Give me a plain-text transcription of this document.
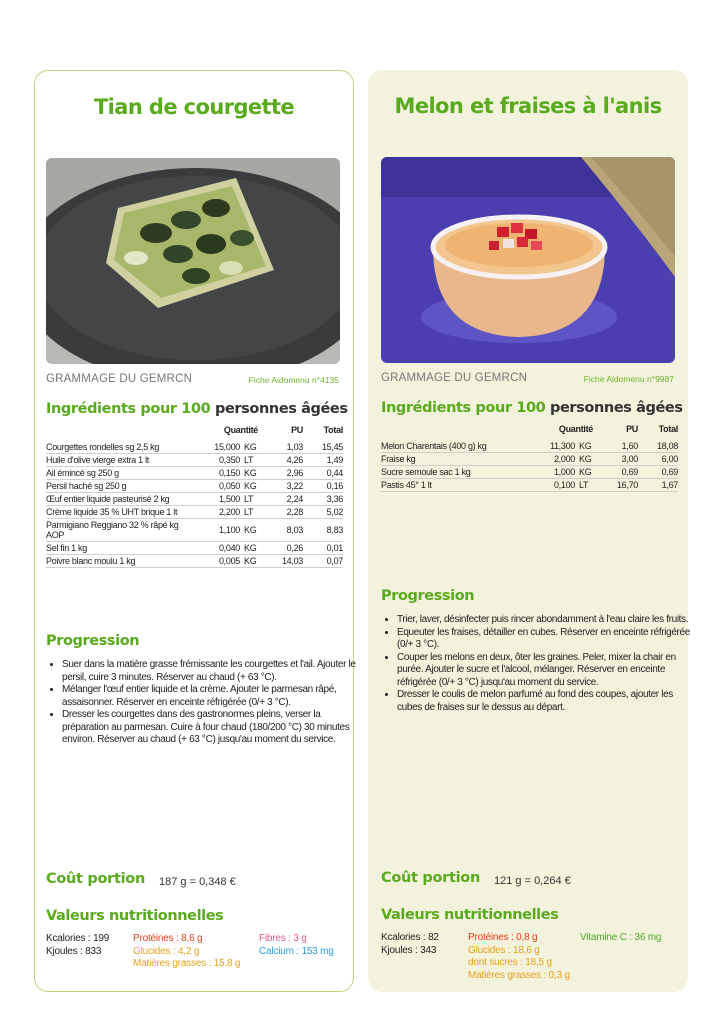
Tian de courgette
GRAMMAGE DU GEMRCN	Fiche Aidomenu n°4135
Ingrédients pour 100 personnes âgées
	Quantité		PU	Total
Courgettes rondelles sg 2,5 kg	15,000	KG	1,03	15,45
Huile d'olive vierge extra 1 lt	0,350	LT	4,26	1,49
Ail émincé sg 250 g	0,150	KG	2,96	0,44
Persil haché sg 250 g	0,050	KG	3,22	0,16
Œuf entier liquide pasteurisé 2 kg	1,500	LT	2,24	3,36
Crème liquide 35 % UHT brique 1 lt	2,200	LT	2,28	5,02
Parmigiano Reggiano 32 % râpé kg AOP	1,100	KG	8,03	8,83
Sel fin 1 kg	0,040	KG	0,26	0,01
Poivre blanc moulu 1 kg	0,005	KG	14,03	0,07
Progression
• Suer dans la matière grasse frémissante les courgettes et l'ail. Ajouter le persil, cuire 3 minutes. Réserver au chaud (+ 63 °C).
• Mélanger l'œuf entier liquide et la crème. Ajouter le parmesan râpé, assaisonner. Réserver en enceinte réfrigérée (0/+ 3 °C).
• Dresser les courgettes dans des gastronormes pleins, verser la préparation au parmesan. Cuire à four chaud (180/200 °C) 30 minutes environ. Réserver au chaud (+ 63 °C) jusqu'au moment du service.
Coût portion 187 g = 0,348 €
Valeurs nutritionnelles
Kcalories : 199
Kjoules : 833
Protéines : 8,6 g
Glucides : 4,2 g
Matières grasses : 15,8 g
Fibres : 3 g
Calcium : 153 mg
Melon et fraises à l'anis
GRAMMAGE DU GEMRCN	Fiche Aidomenu n°9987
Ingrédients pour 100 personnes âgées
	Quantité		PU	Total
Melon Charentais (400 g) kg	11,300	KG	1,60	18,08
Fraise kg	2,000	KG	3,00	6,00
Sucre semoule sac 1 kg	1,000	KG	0,69	0,69
Pastis 45° 1 lt	0,100	LT	16,70	1,67
Progression
• Trier, laver, désinfecter puis rincer abondamment à l'eau claire les fruits.
• Equeuter les fraises, détailler en cubes. Réserver en enceinte réfrigérée (0/+ 3 °C).
• Couper les melons en deux, ôter les graines. Peler, mixer la chair en purée. Ajouter le sucre et l'alcool, mélanger. Réserver en enceinte réfrigérée (0/+ 3 °C) jusqu'au moment du service.
• Dresser le coulis de melon parfumé au fond des coupes, ajouter les cubes de fraises sur le dessus au départ.
Coût portion 121 g = 0,264 €
Valeurs nutritionnelles
Kcalories : 82
Kjoules : 343
Protéines : 0,8 g
Glucides : 18,6 g
dont sucres : 18,5 g
Matières grasses : 0,3 g
Vitamine C : 36 mg
